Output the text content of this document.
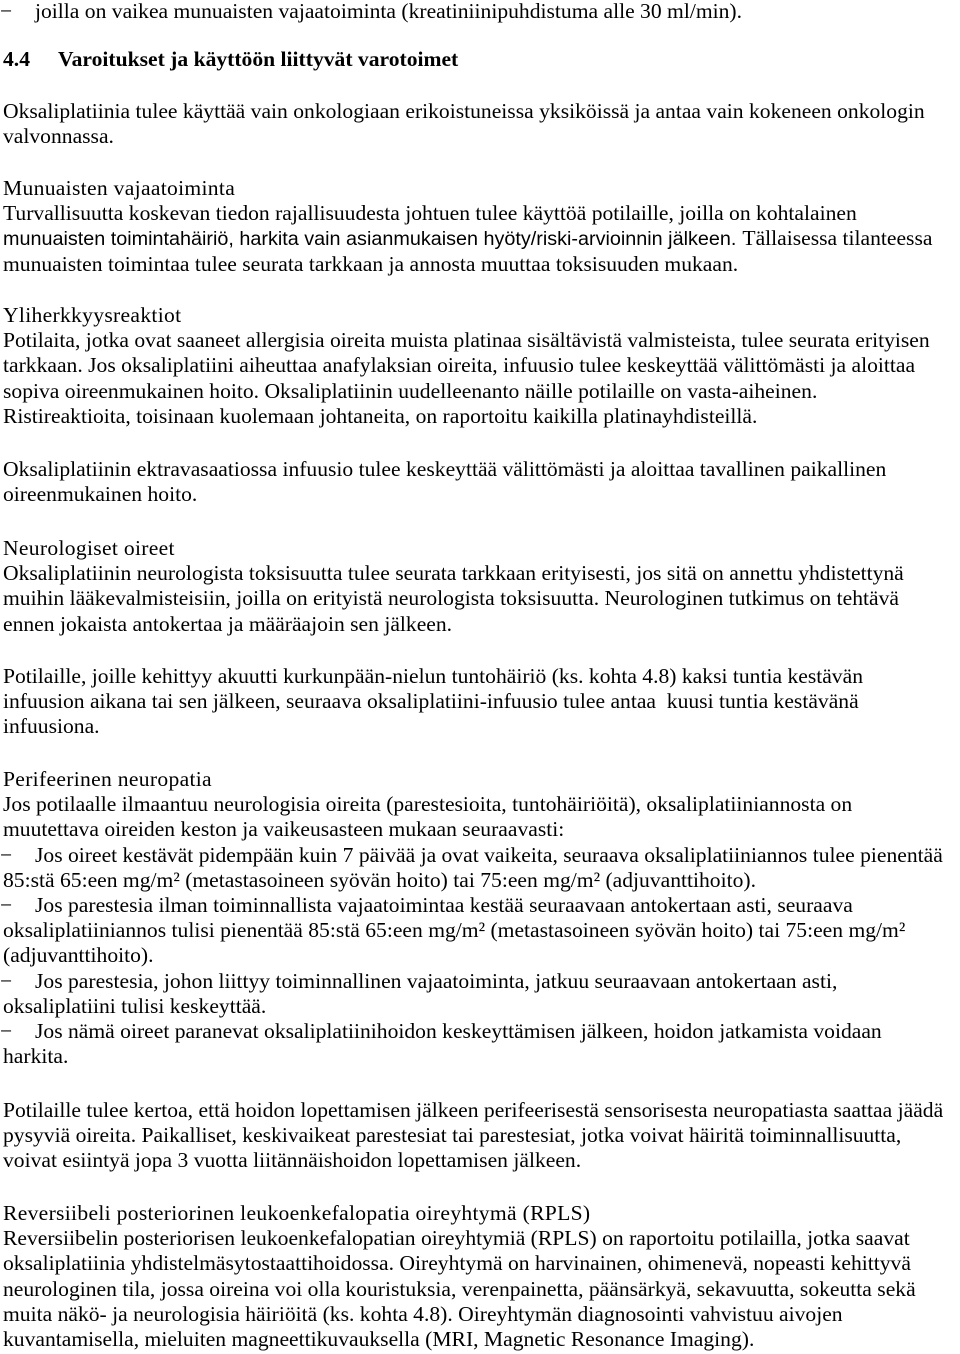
− joilla on vaikea munuaisten vajaatoiminta (kreatiniinipuhdistuma alle 30 ml/min).
4.4 Varoitukset ja käyttöön liittyvät varotoimet
Oksaliplatiinia tulee käyttää vain onkologiaan erikoistuneissa yksiköissä ja antaa vain kokeneen onkologin
valvonnassa.
Munuaisten vajaatoiminta
Turvallisuutta koskevan tiedon rajallisuudesta johtuen tulee käyttöä potilaille, joilla on kohtalainen
munuaisten toimintahäiriö, harkita vain asianmukaisen hyöty/riski-arvioinnin jälkeen. Tällaisessa tilanteessa
munuaisten toimintaa tulee seurata tarkkaan ja annosta muuttaa toksisuuden mukaan.
Yliherkkyysreaktiot
Potilaita, jotka ovat saaneet allergisia oireita muista platinaa sisältävistä valmisteista, tulee seurata erityisen
tarkkaan. Jos oksaliplatiini aiheuttaa anafylaksian oireita, infuusio tulee keskeyttää välittömästi ja aloittaa
sopiva oireenmukainen hoito. Oksaliplatiinin uudelleenanto näille potilaille on vasta-aiheinen.
Ristireaktioita, toisinaan kuolemaan johtaneita, on raportoitu kaikilla platinayhdisteillä.
Oksaliplatiinin ektravasaatiossa infuusio tulee keskeyttää välittömästi ja aloittaa tavallinen paikallinen
oireenmukainen hoito.
Neurologiset oireet
Oksaliplatiinin neurologista toksisuutta tulee seurata tarkkaan erityisesti, jos sitä on annettu yhdistettynä
muihin lääkevalmisteisiin, joilla on erityistä neurologista toksisuutta. Neurologinen tutkimus on tehtävä
ennen jokaista antokertaa ja määräajoin sen jälkeen.
Potilaille, joille kehittyy akuutti kurkunpään-nielun tuntohäiriö (ks. kohta 4.8) kaksi tuntia kestävän
infuusion aikana tai sen jälkeen, seuraava oksaliplatiini-infuusio tulee antaa  kuusi tuntia kestävänä
infuusiona.
Perifeerinen neuropatia
Jos potilaalle ilmaantuu neurologisia oireita (parestesioita, tuntohäiriöitä), oksaliplatiiniannosta on
muutettava oireiden keston ja vaikeusasteen mukaan seuraavasti:
− Jos oireet kestävät pidempään kuin 7 päivää ja ovat vaikeita, seuraava oksaliplatiiniannos tulee pienentää
85:stä 65:een mg/m² (metastasoineen syövän hoito) tai 75:een mg/m² (adjuvanttihoito).
− Jos parestesia ilman toiminnallista vajaatoimintaa kestää seuraavaan antokertaan asti, seuraava
oksaliplatiiniannos tulisi pienentää 85:stä 65:een mg/m² (metastasoineen syövän hoito) tai 75:een mg/m²
(adjuvanttihoito).
− Jos parestesia, johon liittyy toiminnallinen vajaatoiminta, jatkuu seuraavaan antokertaan asti,
oksaliplatiini tulisi keskeyttää.
− Jos nämä oireet paranevat oksaliplatiinihoidon keskeyttämisen jälkeen, hoidon jatkamista voidaan
harkita.
Potilaille tulee kertoa, että hoidon lopettamisen jälkeen perifeerisestä sensorisesta neuropatiasta saattaa jäädä
pysyviä oireita. Paikalliset, keskivaikeat parestesiat tai parestesiat, jotka voivat häiritä toiminnallisuutta,
voivat esiintyä jopa 3 vuotta liitännäishoidon lopettamisen jälkeen.
Reversiibeli posteriorinen leukoenkefalopatia oireyhtymä (RPLS)
Reversiibelin posteriorisen leukoenkefalopatian oireyhtymiä (RPLS) on raportoitu potilailla, jotka saavat
oksaliplatiinia yhdistelmäsytostaattihoidossa. Oireyhtymä on harvinainen, ohimenevä, nopeasti kehittyvä
neurologinen tila, jossa oireina voi olla kouristuksia, verenpainetta, päänsärkyä, sekavuutta, sokeutta sekä
muita näkö- ja neurologisia häiriöitä (ks. kohta 4.8). Oireyhtymän diagnosointi vahvistuu aivojen
kuvantamisella, mieluiten magneettikuvauksella (MRI, Magnetic Resonance Imaging).
